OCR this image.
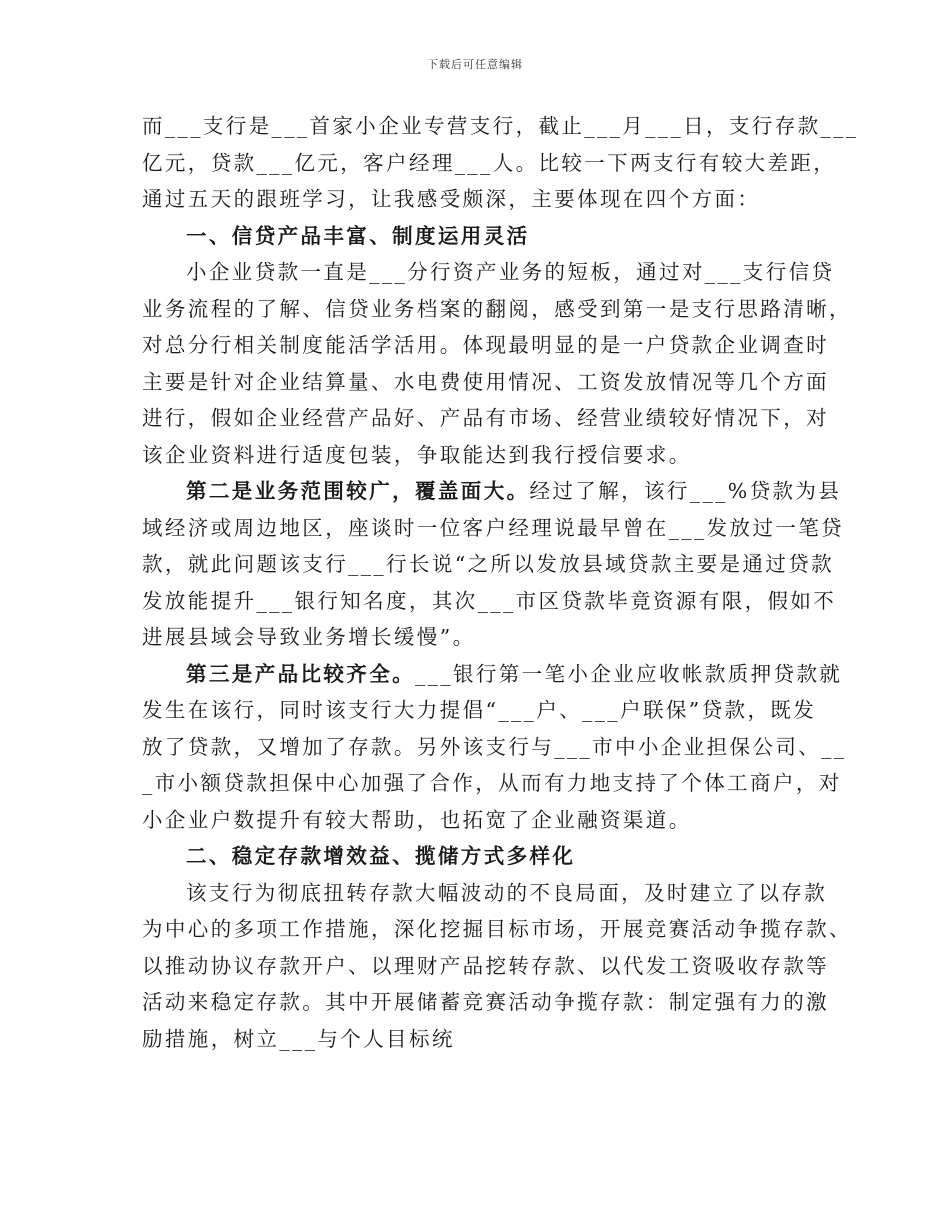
下载后可任意编辑
而___支行是___首家小企业专营支行，截止___月___日，支行存款___
亿元，贷款___亿元，客户经理___人。比较一下两支行有较大差距，
通过五天的跟班学习，让我感受颇深，主要体现在四个方面：
一、信贷产品丰富、制度运用灵活
小企业贷款一直是___分行资产业务的短板，通过对___支行信贷
业务流程的了解、信贷业务档案的翻阅，感受到第一是支行思路清晰，
对总分行相关制度能活学活用。体现最明显的是一户贷款企业调查时
主要是针对企业结算量、水电费使用情况、工资发放情况等几个方面
进行，假如企业经营产品好、产品有市场、经营业绩较好情况下，对
该企业资料进行适度包装，争取能达到我行授信要求。
第二是业务范围较广，覆盖面大。经过了解，该行___%贷款为县
域经济或周边地区，座谈时一位客户经理说最早曾在___发放过一笔贷
款，就此问题该支行___行长说“之所以发放县域贷款主要是通过贷款
发放能提升___银行知名度，其次___市区贷款毕竟资源有限，假如不
进展县域会导致业务增长缓慢”。
第三是产品比较齐全。___银行第一笔小企业应收帐款质押贷款就
发生在该行，同时该支行大力提倡“___户、___户联保”贷款，既发
放了贷款，又增加了存款。另外该支行与___市中小企业担保公司、__
_市小额贷款担保中心加强了合作，从而有力地支持了个体工商户，对
小企业户数提升有较大帮助，也拓宽了企业融资渠道。
二、稳定存款增效益、揽储方式多样化
该支行为彻底扭转存款大幅波动的不良局面，及时建立了以存款
为中心的多项工作措施，深化挖掘目标市场，开展竞赛活动争揽存款、
以推动协议存款开户、以理财产品挖转存款、以代发工资吸收存款等
活动来稳定存款。其中开展储蓄竞赛活动争揽存款：制定强有力的激
励措施，树立___与个人目标统
